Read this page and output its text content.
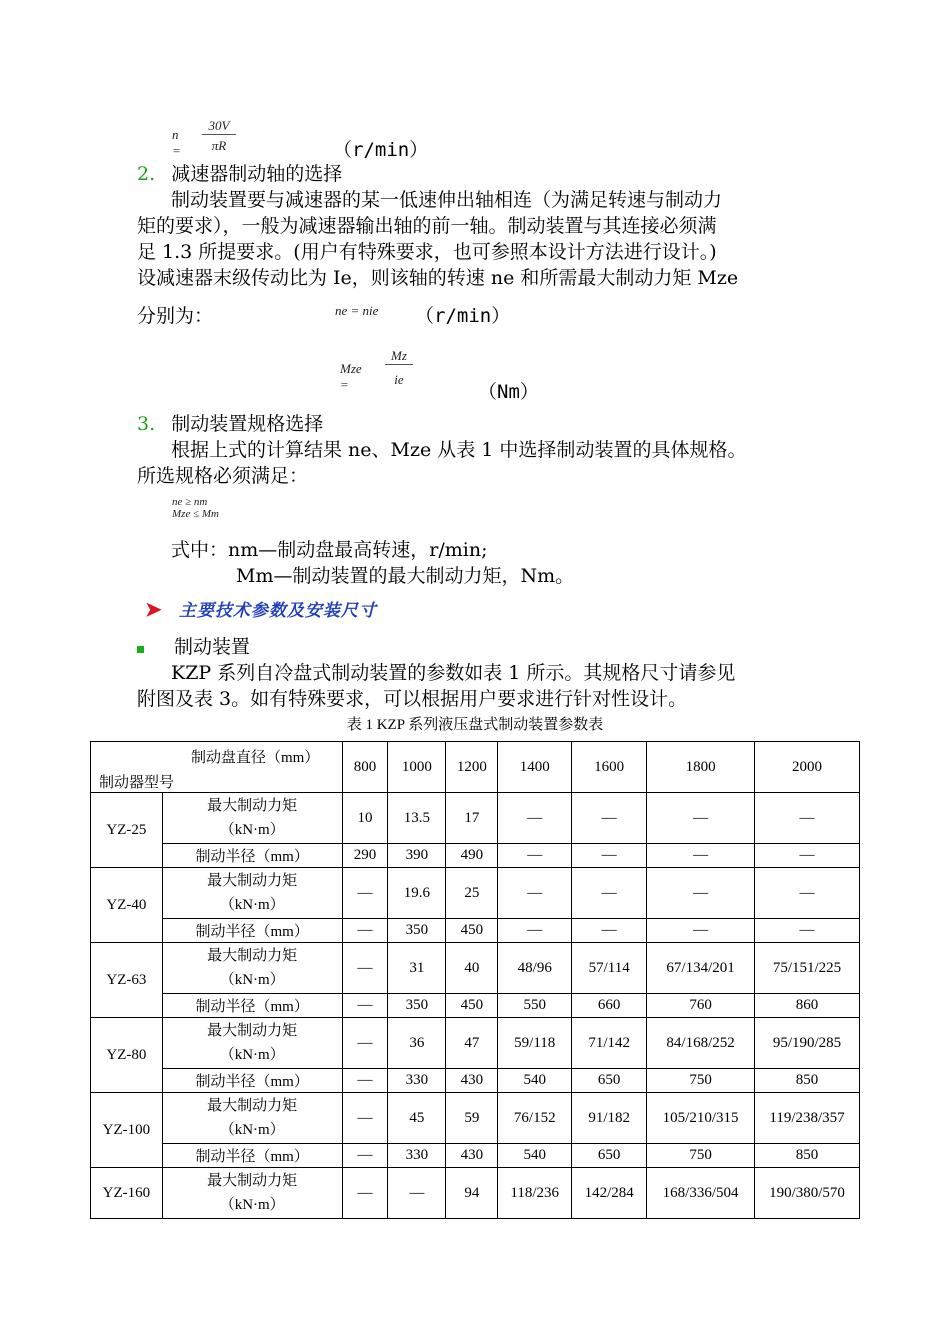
n =
30V
πR	（r/min）
2. 减速器制动轴的选择
制动装置要与减速器的某一低速伸出轴相连（为满足转速与制动力
矩的要求），一般为减速器输出轴的前一轴。制动装置与其连接必须满
足 1.3 所提要求。(用户有特殊要求，也可参照本设计方法进行设计。)
设减速器末级传动比为 Ie，则该轴的转速 ne 和所需最大制动力矩 Mze
分别为：	ne = nie （r/min）
Mze =
Mz
ie
（Nm）
3. 制动装置规格选择
根据上式的计算结果 ne、Mze 从表 1 中选择制动装置的具体规格。
所选规格必须满足：
ne ≥ nm
Mze ≤ Mm
式中：nm—制动盘最高转速，r/min;
Mm—制动装置的最大制动力矩，Nm。
➤ 主要技术参数及安装尺寸
制动装置
KZP 系列自冷盘式制动装置的参数如表 1 所示。其规格尺寸请参见
附图及表 3。如有特殊要求，可以根据用户要求进行针对性设计。
表 1 KZP 系列液压盘式制动装置参数表
制动盘直径（mm）
制动器型号		800	1000	1200	1400	1600	1800	2000
YZ-25	最大制动力矩
（kN·m）	10	13.5	17	—	—	—	—
	制动半径（mm）	290	390	490	—	—	—	—
YZ-40	最大制动力矩
（kN·m）	—	19.6	25	—	—	—	—
	制动半径（mm）	—	350	450	—	—	—	—
YZ-63	最大制动力矩
（kN·m）	—	31	40	48/96	57/114	67/134/201	75/151/225
	制动半径（mm）	—	350	450	550	660	760	860
YZ-80	最大制动力矩
（kN·m）	—	36	47	59/118	71/142	84/168/252	95/190/285
	制动半径（mm）	—	330	430	540	650	750	850
YZ-100	最大制动力矩
（kN·m）	—	45	59	76/152	91/182	105/210/315	119/238/357
	制动半径（mm）	—	330	430	540	650	750	850
YZ-160	最大制动力矩
（kN·m）	—	—	94	118/236	142/284	168/336/504	190/380/570
